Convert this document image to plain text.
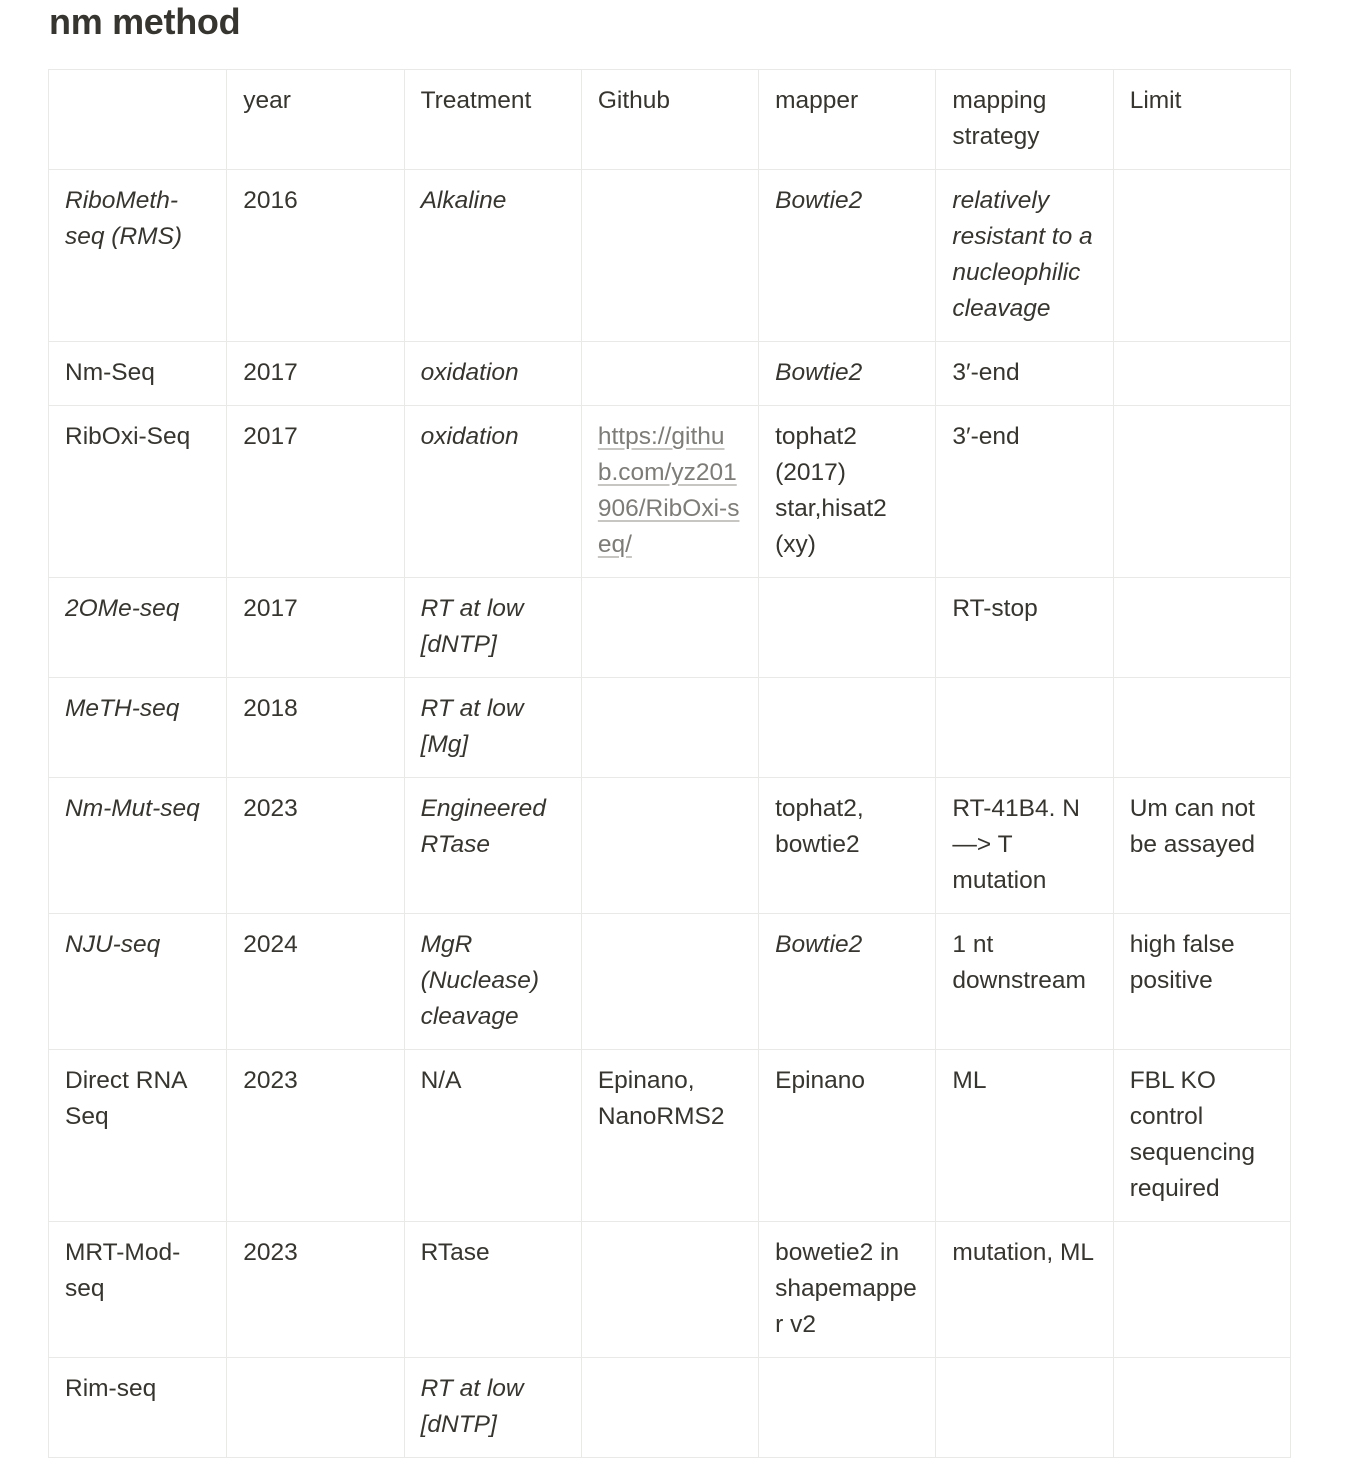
nm method
	year	Treatment	Github	mapper	mapping strategy	Limit
RiboMeth-seq (RMS)	2016	Alkaline		Bowtie2	relatively resistant to a nucleophilic cleavage	
Nm-Seq	2017	oxidation		Bowtie2	3′-end	
RibOxi-Seq	2017	oxidation	https://github.com/yz201906/RibOxi-seq/	tophat2 (2017) star,hisat2 (xy)	3′-end	
2OMe-seq	2017	RT at low [dNTP]			RT-stop	
MeTH-seq	2018	RT at low [Mg]				
Nm-Mut-seq	2023	Engineered RTase		tophat2, bowtie2	RT-41B4. N—> T mutation	Um can not be assayed
NJU-seq	2024	MgR (Nuclease) cleavage		Bowtie2	1 nt downstream	high false positive
Direct RNA Seq	2023	N/A	Epinano, NanoRMS2	Epinano	ML	FBL KO control sequencing required
MRT-Mod-seq	2023	RTase		bowetie2 in shapemapper v2	mutation, ML	
Rim-seq		RT at low [dNTP]				
